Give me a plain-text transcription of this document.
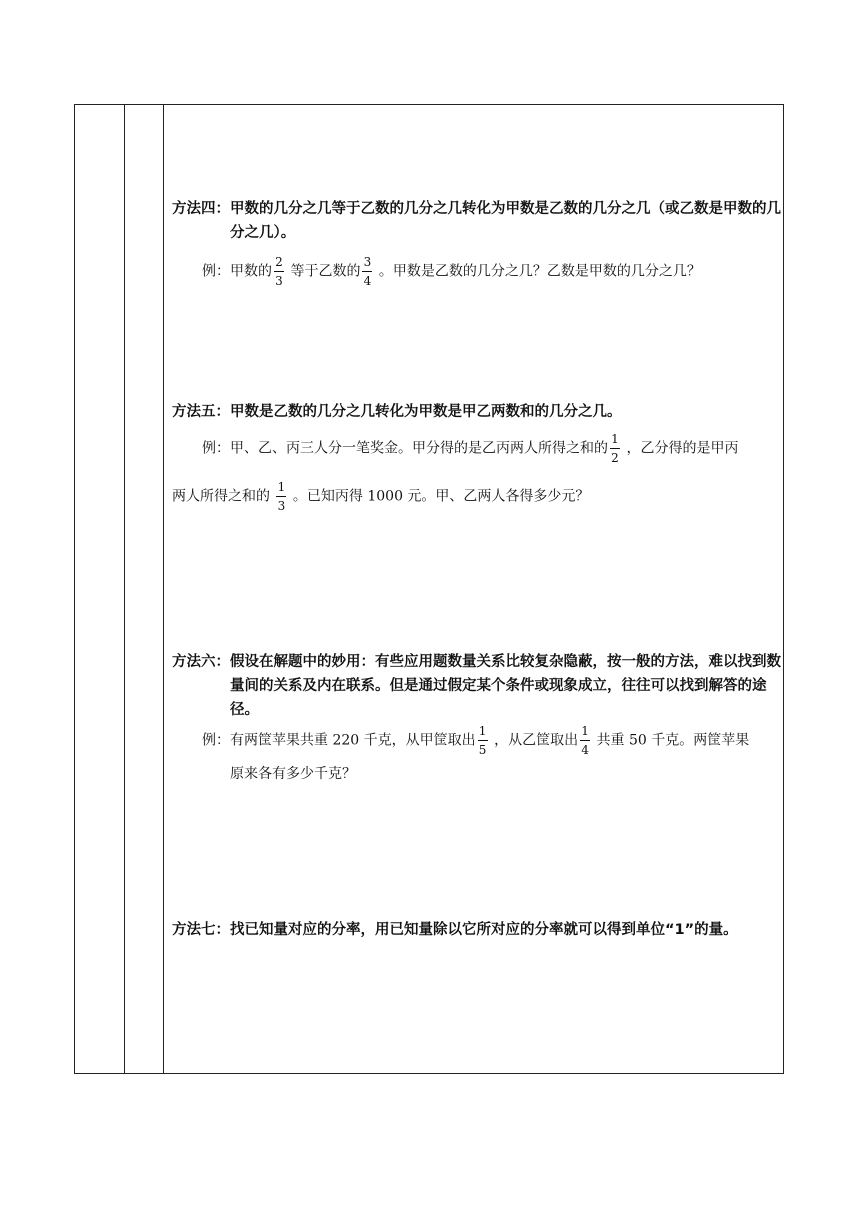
方法四： 甲数的几分之几等于乙数的几分之几转化为甲数是乙数的几分之几（或乙数是甲数的几分之几）。
例：甲数的 $\frac{2}{3}$ 等于乙数的 $\frac{3}{4}$ 。甲数是乙数的几分之几？乙数是甲数的几分之几？
方法五： 甲数是乙数的几分之几转化为甲数是甲乙两数和的几分之几。
例：甲、乙、丙三人分一笔奖金。甲分得的是乙丙两人所得之和的 $\frac{1}{2}$ ，乙分得的是甲丙
两人所得之和的 $\frac{1}{3}$ 。已知丙得 1000 元。甲、乙两人各得多少元？
方法六： 假设在解题中的妙用：有些应用题数量关系比较复杂隐蔽，按一般的方法，难以找到数量间的关系及内在联系。但是通过假定某个条件或现象成立，往往可以找到解答的途径。
例：有两筐苹果共重 220 千克，从甲筐取出 $\frac{1}{5}$ ，从乙筐取出 $\frac{1}{4}$ 共重 50 千克。两筐苹果
原来各有多少千克？
方法七： 找已知量对应的分率，用已知量除以它所对应的分率就可以得到单位“1”的量。
